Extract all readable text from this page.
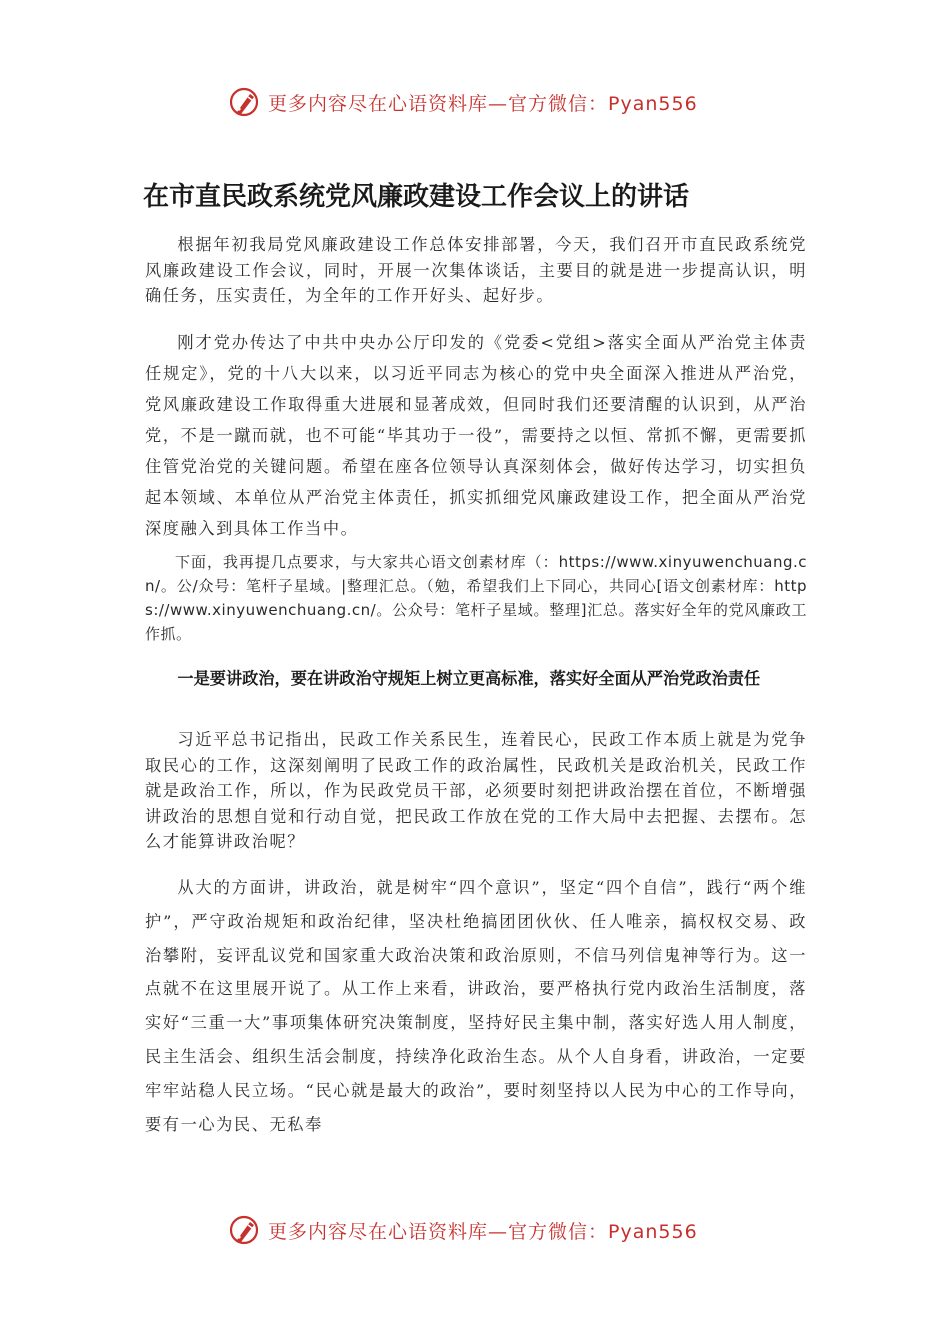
更多内容尽在心语资料库—官方微信：Pyan556
在市直民政系统党风廉政建设工作会议上的讲话

根据年初我局党风廉政建设工作总体安排部署，今天，我们召开市直民政系统党风廉政建设工作会议，同时，开展一次集体谈话，主要目的就是进一步提高认识，明确任务，压实责任，为全年的工作开好头、起好步。

刚才党办传达了中共中央办公厅印发的《党委<党组>落实全面从严治党主体责任规定》，党的十八大以来，以习近平同志为核心的党中央全面深入推进从严治党，党风廉政建设工作取得重大进展和显著成效，但同时我们还要清醒的认识到，从严治党，不是一蹴而就，也不可能“毕其功于一役”，需要持之以恒、常抓不懈，更需要抓住管党治党的关键问题。希望在座各位领导认真深刻体会，做好传达学习，切实担负起本领域、本单位从严治党主体责任，抓实抓细党风廉政建设工作，把全面从严治党深度融入到具体工作当中。

下面，我再提几点要求，与大家共心语文创素材库（：https://www.xinyuwenchuang.cn/。公/众号：笔杆子星域。|整理汇总。（勉，希望我们上下同心，共同心[语文创素材库：https://www.xinyuwenchuang.cn/。公众号：笔杆子星域。整理]汇总。落实好全年的党风廉政工作抓。

一是要讲政治，要在讲政治守规矩上树立更高标准，落实好全面从严治党政治责任

习近平总书记指出，民政工作关系民生，连着民心，民政工作本质上就是为党争取民心的工作，这深刻阐明了民政工作的政治属性，民政机关是政治机关，民政工作就是政治工作，所以，作为民政党员干部，必须要时刻把讲政治摆在首位，不断增强讲政治的思想自觉和行动自觉，把民政工作放在党的工作大局中去把握、去摆布。怎么才能算讲政治呢？

从大的方面讲，讲政治，就是树牢“四个意识”，坚定“四个自信”，践行“两个维护”，严守政治规矩和政治纪律，坚决杜绝搞团团伙伙、任人唯亲，搞权权交易、政治攀附，妄评乱议党和国家重大政治决策和政治原则，不信马列信鬼神等行为。这一点就不在这里展开说了。从工作上来看，讲政治，要严格执行党内政治生活制度，落实好“三重一大”事项集体研究决策制度，坚持好民主集中制，落实好选人用人制度，民主生活会、组织生活会制度，持续净化政治生态。从个人自身看，讲政治，一定要牢牢站稳人民立场。“民心就是最大的政治”，要时刻坚持以人民为中心的工作导向，要有一心为民、无私奉

更多内容尽在心语资料库—官方微信：Pyan556
